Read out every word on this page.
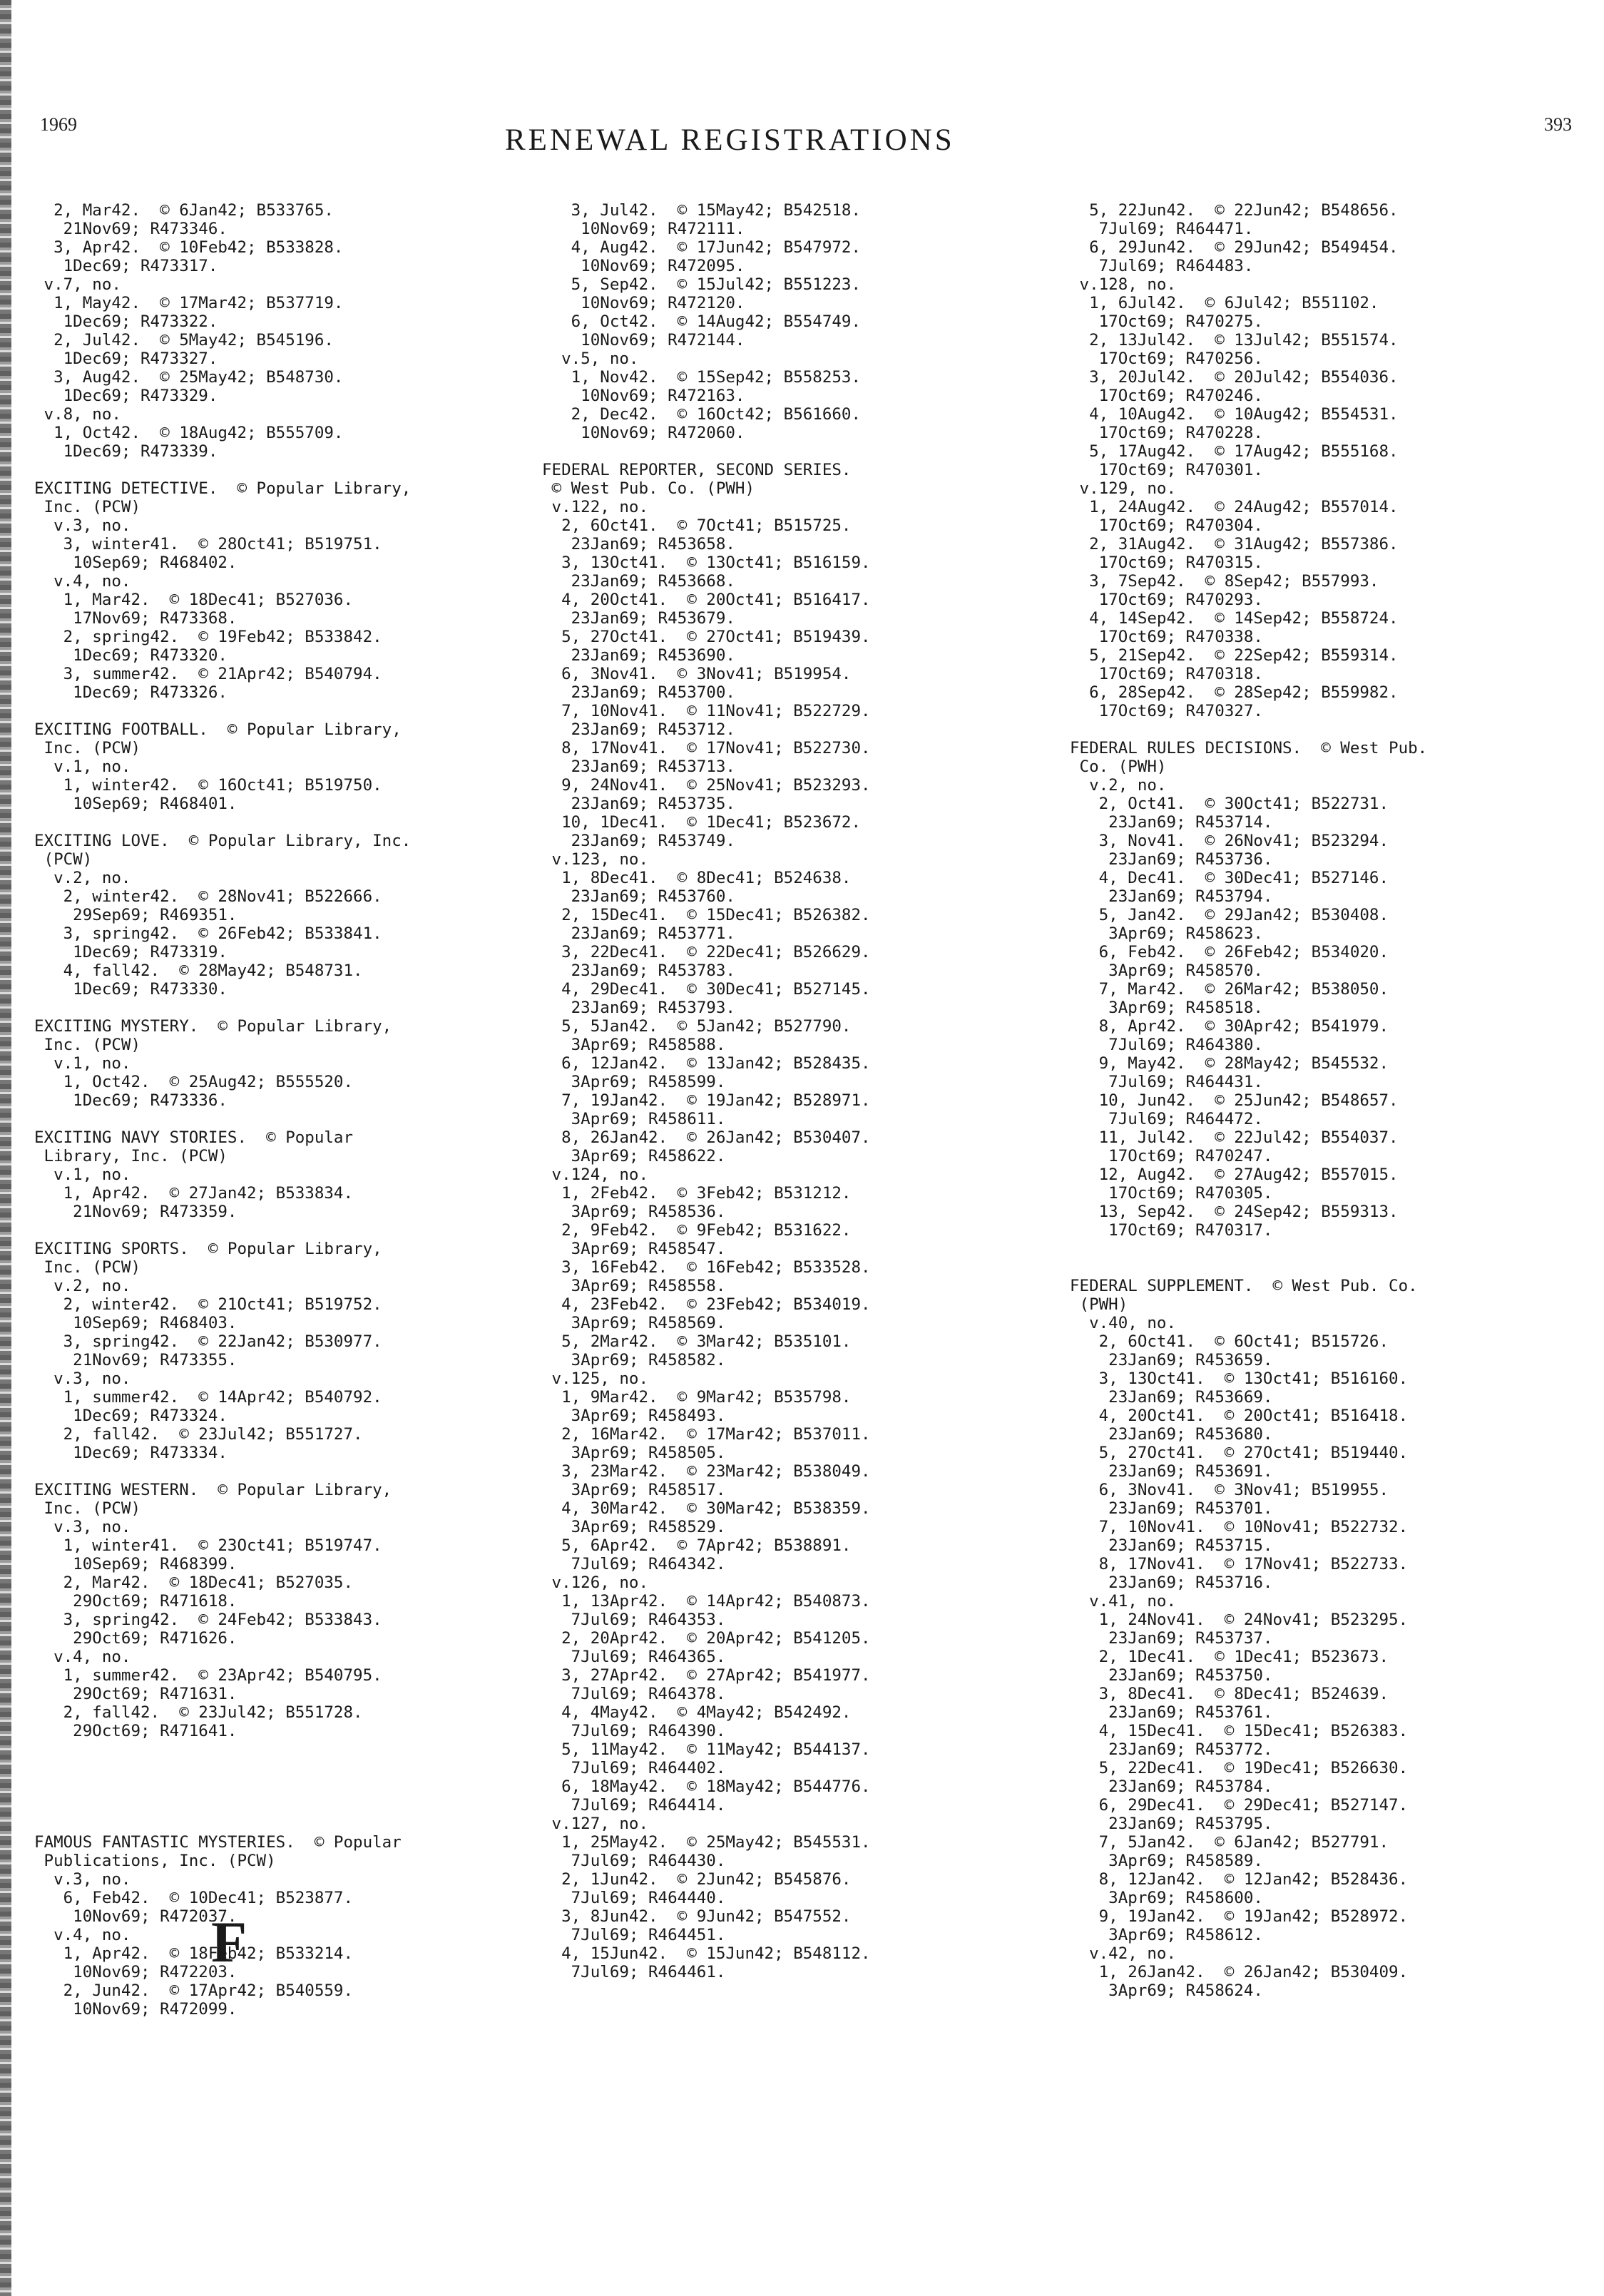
1969	RENEWAL REGISTRATIONS	393
2, Mar42.  © 6Jan42; B533765.
21Nov69; R473346.
3, Apr42.  © 10Feb42; B533828.
1Dec69; R473317.
v.7, no.
1, May42.  © 17Mar42; B537719.
1Dec69; R473322.
2, Jul42.  © 5May42; B545196.
1Dec69; R473327.
3, Aug42.  © 25May42; B548730.
1Dec69; R473329.
v.8, no.
1, Oct42.  © 18Aug42; B555709.
1Dec69; R473339.
EXCITING DETECTIVE.  © Popular Library,
Inc. (PCW)
v.3, no.
3, winter41.  © 28Oct41; B519751.
10Sep69; R468402.
v.4, no.
1, Mar42.  © 18Dec41; B527036.
17Nov69; R473368.
2, spring42.  © 19Feb42; B533842.
1Dec69; R473320.
3, summer42.  © 21Apr42; B540794.
1Dec69; R473326.
EXCITING FOOTBALL.  © Popular Library,
Inc. (PCW)
v.1, no.
1, winter42.  © 16Oct41; B519750.
10Sep69; R468401.
EXCITING LOVE.  © Popular Library, Inc.
(PCW)
v.2, no.
2, winter42.  © 28Nov41; B522666.
29Sep69; R469351.
3, spring42.  © 26Feb42; B533841.
1Dec69; R473319.
4, fall42.  © 28May42; B548731.
1Dec69; R473330.
EXCITING MYSTERY.  © Popular Library,
Inc. (PCW)
v.1, no.
1, Oct42.  © 25Aug42; B555520.
1Dec69; R473336.
EXCITING NAVY STORIES.  © Popular
Library, Inc. (PCW)
v.1, no.
1, Apr42.  © 27Jan42; B533834.
21Nov69; R473359.
EXCITING SPORTS.  © Popular Library,
Inc. (PCW)
v.2, no.
2, winter42.  © 21Oct41; B519752.
10Sep69; R468403.
3, spring42.  © 22Jan42; B530977.
21Nov69; R473355.
v.3, no.
1, summer42.  © 14Apr42; B540792.
1Dec69; R473324.
2, fall42.  © 23Jul42; B551727.
1Dec69; R473334.
EXCITING WESTERN.  © Popular Library,
Inc. (PCW)
v.3, no.
1, winter41.  © 23Oct41; B519747.
10Sep69; R468399.
2, Mar42.  © 18Dec41; B527035.
29Oct69; R471618.
3, spring42.  © 24Feb42; B533843.
29Oct69; R471626.
v.4, no.
1, summer42.  © 23Apr42; B540795.
29Oct69; R471631.
2, fall42.  © 23Jul42; B551728.
29Oct69; R471641.
FAMOUS FANTASTIC MYSTERIES.  © Popular
Publications, Inc. (PCW)
v.3, no.
6, Feb42.  © 10Dec41; B523877.
10Nov69; R472037.
v.4, no.
1, Apr42.  © 18Feb42; B533214.
10Nov69; R472203.
2, Jun42.  © 17Apr42; B540559.
10Nov69; R472099.
3, Jul42.  © 15May42; B542518.
10Nov69; R472111.
4, Aug42.  © 17Jun42; B547972.
10Nov69; R472095.
5, Sep42.  © 15Jul42; B551223.
10Nov69; R472120.
6, Oct42.  © 14Aug42; B554749.
10Nov69; R472144.
v.5, no.
1, Nov42.  © 15Sep42; B558253.
10Nov69; R472163.
2, Dec42.  © 16Oct42; B561660.
10Nov69; R472060.
FEDERAL REPORTER, SECOND SERIES.
© West Pub. Co. (PWH)
v.122, no.
2, 6Oct41.  © 7Oct41; B515725.
23Jan69; R453658.
3, 13Oct41.  © 13Oct41; B516159.
23Jan69; R453668.
4, 20Oct41.  © 20Oct41; B516417.
23Jan69; R453679.
5, 27Oct41.  © 27Oct41; B519439.
23Jan69; R453690.
6, 3Nov41.  © 3Nov41; B519954.
23Jan69; R453700.
7, 10Nov41.  © 11Nov41; B522729.
23Jan69; R453712.
8, 17Nov41.  © 17Nov41; B522730.
23Jan69; R453713.
9, 24Nov41.  © 25Nov41; B523293.
23Jan69; R453735.
10, 1Dec41.  © 1Dec41; B523672.
23Jan69; R453749.
v.123, no.
1, 8Dec41.  © 8Dec41; B524638.
23Jan69; R453760.
2, 15Dec41.  © 15Dec41; B526382.
23Jan69; R453771.
3, 22Dec41.  © 22Dec41; B526629.
23Jan69; R453783.
4, 29Dec41.  © 30Dec41; B527145.
23Jan69; R453793.
5, 5Jan42.  © 5Jan42; B527790.
3Apr69; R458588.
6, 12Jan42.  © 13Jan42; B528435.
3Apr69; R458599.
7, 19Jan42.  © 19Jan42; B528971.
3Apr69; R458611.
8, 26Jan42.  © 26Jan42; B530407.
3Apr69; R458622.
v.124, no.
1, 2Feb42.  © 3Feb42; B531212.
3Apr69; R458536.
2, 9Feb42.  © 9Feb42; B531622.
3Apr69; R458547.
3, 16Feb42.  © 16Feb42; B533528.
3Apr69; R458558.
4, 23Feb42.  © 23Feb42; B534019.
3Apr69; R458569.
5, 2Mar42.  © 3Mar42; B535101.
3Apr69; R458582.
v.125, no.
1, 9Mar42.  © 9Mar42; B535798.
3Apr69; R458493.
2, 16Mar42.  © 17Mar42; B537011.
3Apr69; R458505.
3, 23Mar42.  © 23Mar42; B538049.
3Apr69; R458517.
4, 30Mar42.  © 30Mar42; B538359.
3Apr69; R458529.
5, 6Apr42.  © 7Apr42; B538891.
7Jul69; R464342.
v.126, no.
1, 13Apr42.  © 14Apr42; B540873.
7Jul69; R464353.
2, 20Apr42.  © 20Apr42; B541205.
7Jul69; R464365.
3, 27Apr42.  © 27Apr42; B541977.
7Jul69; R464378.
4, 4May42.  © 4May42; B542492.
7Jul69; R464390.
5, 11May42.  © 11May42; B544137.
7Jul69; R464402.
6, 18May42.  © 18May42; B544776.
7Jul69; R464414.
v.127, no.
1, 25May42.  © 25May42; B545531.
7Jul69; R464430.
2, 1Jun42.  © 2Jun42; B545876.
7Jul69; R464440.
3, 8Jun42.  © 9Jun42; B547552.
7Jul69; R464451.
4, 15Jun42.  © 15Jun42; B548112.
7Jul69; R464461.
5, 22Jun42.  © 22Jun42; B548656.
7Jul69; R464471.
6, 29Jun42.  © 29Jun42; B549454.
7Jul69; R464483.
v.128, no.
1, 6Jul42.  © 6Jul42; B551102.
17Oct69; R470275.
2, 13Jul42.  © 13Jul42; B551574.
17Oct69; R470256.
3, 20Jul42.  © 20Jul42; B554036.
17Oct69; R470246.
4, 10Aug42.  © 10Aug42; B554531.
17Oct69; R470228.
5, 17Aug42.  © 17Aug42; B555168.
17Oct69; R470301.
v.129, no.
1, 24Aug42.  © 24Aug42; B557014.
17Oct69; R470304.
2, 31Aug42.  © 31Aug42; B557386.
17Oct69; R470315.
3, 7Sep42.  © 8Sep42; B557993.
17Oct69; R470293.
4, 14Sep42.  © 14Sep42; B558724.
17Oct69; R470338.
5, 21Sep42.  © 22Sep42; B559314.
17Oct69; R470318.
6, 28Sep42.  © 28Sep42; B559982.
17Oct69; R470327.
FEDERAL RULES DECISIONS.  © West Pub.
Co. (PWH)
v.2, no.
2, Oct41.  © 30Oct41; B522731.
23Jan69; R453714.
3, Nov41.  © 26Nov41; B523294.
23Jan69; R453736.
4, Dec41.  © 30Dec41; B527146.
23Jan69; R453794.
5, Jan42.  © 29Jan42; B530408.
3Apr69; R458623.
6, Feb42.  © 26Feb42; B534020.
3Apr69; R458570.
7, Mar42.  © 26Mar42; B538050.
3Apr69; R458518.
8, Apr42.  © 30Apr42; B541979.
7Jul69; R464380.
9, May42.  © 28May42; B545532.
7Jul69; R464431.
10, Jun42.  © 25Jun42; B548657.
7Jul69; R464472.
11, Jul42.  © 22Jul42; B554037.
17Oct69; R470247.
12, Aug42.  © 27Aug42; B557015.
17Oct69; R470305.
13, Sep42.  © 24Sep42; B559313.
17Oct69; R470317.
FEDERAL SUPPLEMENT.  © West Pub. Co.
(PWH)
v.40, no.
2, 6Oct41.  © 6Oct41; B515726.
23Jan69; R453659.
3, 13Oct41.  © 13Oct41; B516160.
23Jan69; R453669.
4, 20Oct41.  © 20Oct41; B516418.
23Jan69; R453680.
5, 27Oct41.  © 27Oct41; B519440.
23Jan69; R453691.
6, 3Nov41.  © 3Nov41; B519955.
23Jan69; R453701.
7, 10Nov41.  © 10Nov41; B522732.
23Jan69; R453715.
8, 17Nov41.  © 17Nov41; B522733.
23Jan69; R453716.
v.41, no.
1, 24Nov41.  © 24Nov41; B523295.
23Jan69; R453737.
2, 1Dec41.  © 1Dec41; B523673.
23Jan69; R453750.
3, 8Dec41.  © 8Dec41; B524639.
23Jan69; R453761.
4, 15Dec41.  © 15Dec41; B526383.
23Jan69; R453772.
5, 22Dec41.  © 19Dec41; B526630.
23Jan69; R453784.
6, 29Dec41.  © 29Dec41; B527147.
23Jan69; R453795.
7, 5Jan42.  © 6Jan42; B527791.
3Apr69; R458589.
8, 12Jan42.  © 12Jan42; B528436.
3Apr69; R458600.
9, 19Jan42.  © 19Jan42; B528972.
3Apr69; R458612.
v.42, no.
1, 26Jan42.  © 26Jan42; B530409.
3Apr69; R458624.
F
